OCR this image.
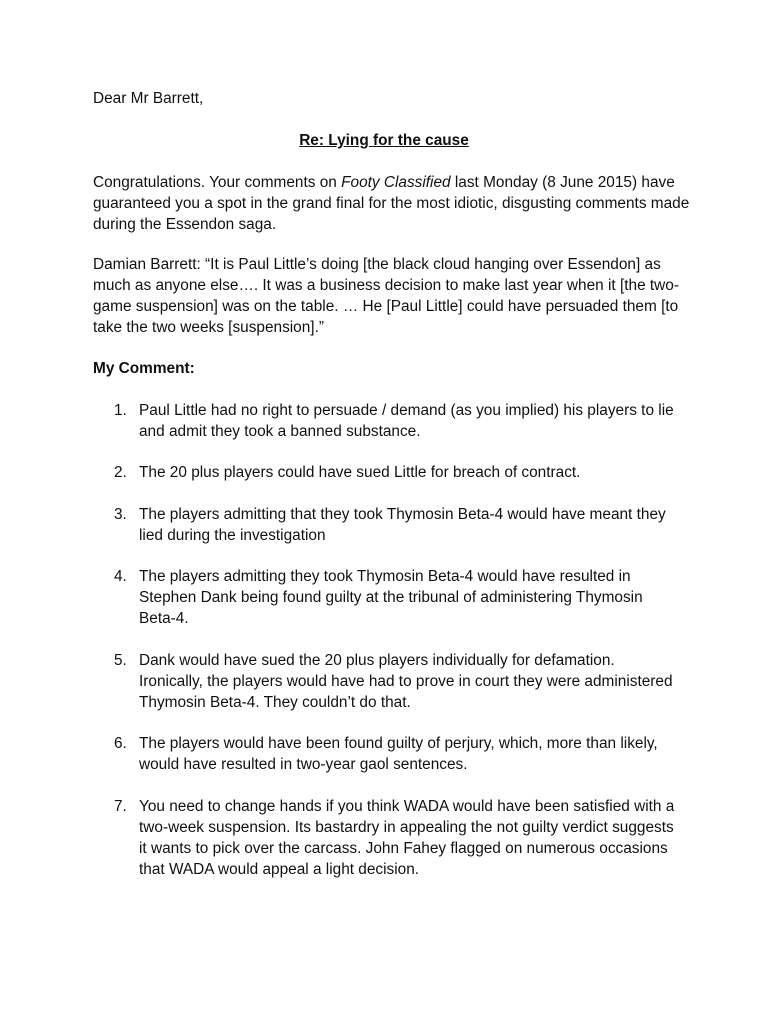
Dear Mr Barrett,

Re: Lying for the cause

Congratulations. Your comments on Footy Classified last Monday (8 June 2015) have guaranteed you a spot in the grand final for the most idiotic, disgusting comments made during the Essendon saga.

Damian Barrett: “It is Paul Little’s doing [the black cloud hanging over Essendon] as much as anyone else…. It was a business decision to make last year when it [the two-game suspension] was on the table. … He [Paul Little] could have persuaded them [to take the two weeks [suspension].”

My Comment:

1. Paul Little had no right to persuade / demand (as you implied) his players to lie and admit they took a banned substance.
2. The 20 plus players could have sued Little for breach of contract.
3. The players admitting that they took Thymosin Beta-4 would have meant they lied during the investigation
4. The players admitting they took Thymosin Beta-4 would have resulted in Stephen Dank being found guilty at the tribunal of administering Thymosin Beta-4.
5. Dank would have sued the 20 plus players individually for defamation. Ironically, the players would have had to prove in court they were administered Thymosin Beta-4. They couldn’t do that.
6. The players would have been found guilty of perjury, which, more than likely, would have resulted in two-year gaol sentences.
7. You need to change hands if you think WADA would have been satisfied with a two-week suspension. Its bastardry in appealing the not guilty verdict suggests it wants to pick over the carcass. John Fahey flagged on numerous occasions that WADA would appeal a light decision.
